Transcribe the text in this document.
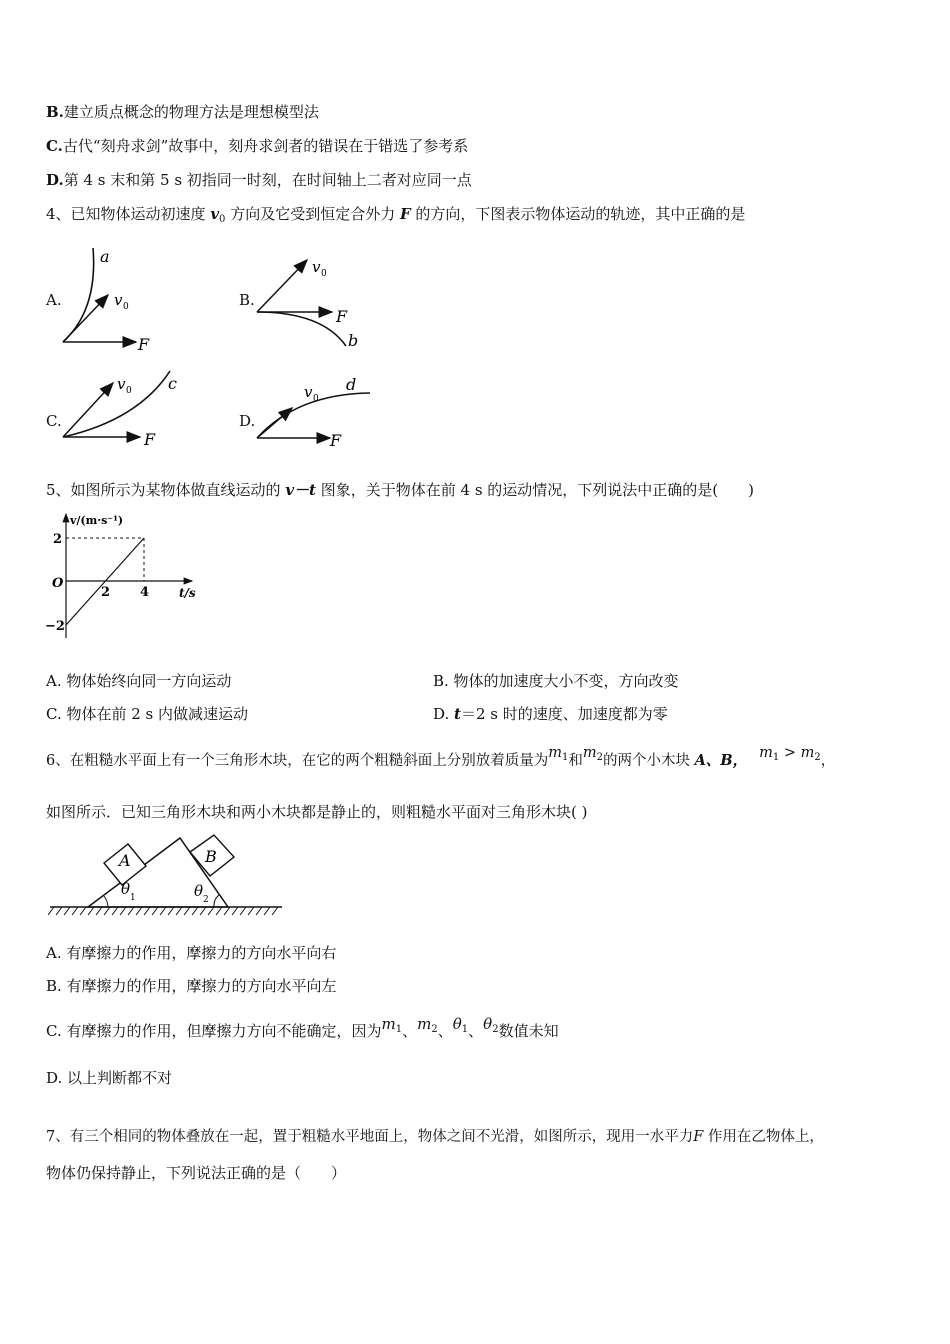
B.建立质点概念的物理方法是理想模型法
C.古代“刻舟求剑”故事中，刻舟求剑者的错误在于错选了参考系
D.第 4 s 末和第 5 s 初指同一时刻，在时间轴上二者对应同一点
4、已知物体运动初速度 $v_0$ 方向及它受到恒定合外力 F 的方向，下图表示物体运动的轨迹，其中正确的是
A.
a
v 0
F
B.
v 0
F
b
C.
v 0 c
F
D.
v 0
d
F
5、如图所示为某物体做直线运动的 v－t 图象，关于物体在前 4 s 的运动情况，下列说法中正确的是(　　)
v/(m·s⁻¹)
2
O
−2
2 4 t/s
A. 物体始终向同一方向运动	B. 物体的加速度大小不变，方向改变
C. 物体在前 2 s 内做减速运动	D. t＝2 s 时的速度、加速度都为零
6、在粗糙水平面上有一个三角形木块，在它的两个粗糙斜面上分别放着质量为$m^1$和$m^2$的两个小木块 A、B， $m^1 > m^2$，
如图所示．已知三角形木块和两小木块都是静止的，则粗糙水平面对三角形木块( )
A	B
θ 1	θ 2
A. 有摩擦力的作用，摩擦力的方向水平向右
B. 有摩擦力的作用，摩擦力的方向水平向左
C. 有摩擦力的作用，但摩擦力方向不能确定，因为$m^1$、$m^2$、$\theta^1$、$\theta^2$数值未知
D. 以上判断都不对
7、有三个相同的物体叠放在一起，置于粗糙水平地面上，物体之间不光滑，如图所示，现用一水平力F 作用在乙物体上，
物体仍保持静止，下列说法正确的是（　　）
